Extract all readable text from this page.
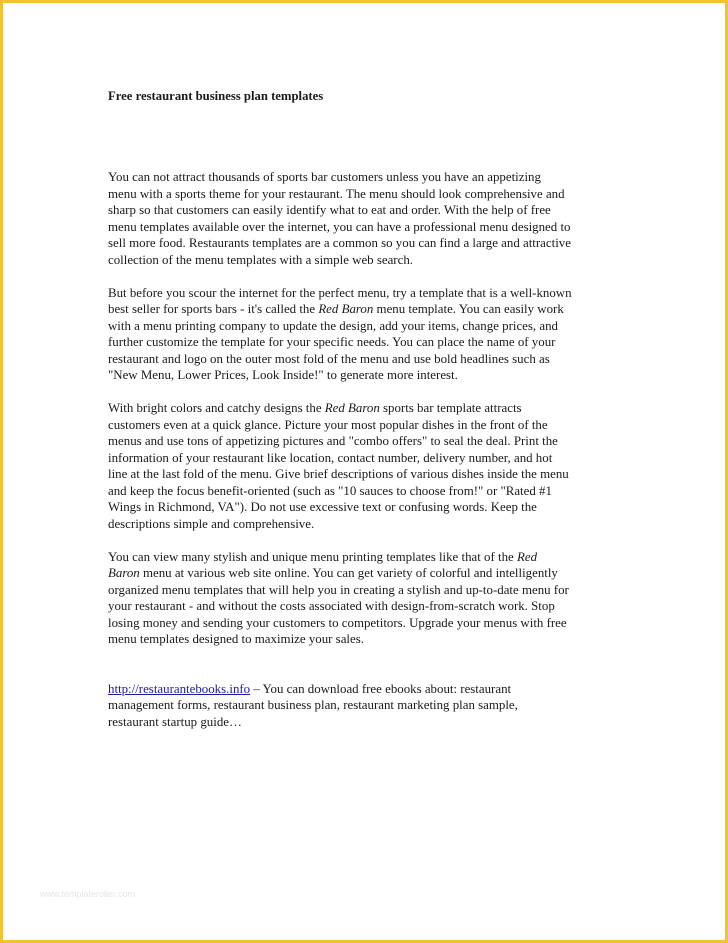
Free restaurant business plan templates
You can not attract thousands of sports bar customers unless you have an appetizing
menu with a sports theme for your restaurant. The menu should look comprehensive and
sharp so that customers can easily identify what to eat and order. With the help of free
menu templates available over the internet, you can have a professional menu designed to
sell more food. Restaurants templates are a common so you can find a large and attractive
collection of the menu templates with a simple web search.
But before you scour the internet for the perfect menu, try a template that is a well-known
best seller for sports bars - it's called the Red Baron menu template. You can easily work
with a menu printing company to update the design, add your items, change prices, and
further customize the template for your specific needs. You can place the name of your
restaurant and logo on the outer most fold of the menu and use bold headlines such as
"New Menu, Lower Prices, Look Inside!" to generate more interest.
With bright colors and catchy designs the Red Baron sports bar template attracts
customers even at a quick glance. Picture your most popular dishes in the front of the
menus and use tons of appetizing pictures and "combo offers" to seal the deal. Print the
information of your restaurant like location, contact number, delivery number, and hot
line at the last fold of the menu. Give brief descriptions of various dishes inside the menu
and keep the focus benefit-oriented (such as "10 sauces to choose from!" or "Rated #1
Wings in Richmond, VA"). Do not use excessive text or confusing words. Keep the
descriptions simple and comprehensive.
You can view many stylish and unique menu printing templates like that of the Red
Baron menu at various web site online. You can get variety of colorful and intelligently
organized menu templates that will help you in creating a stylish and up-to-date menu for
your restaurant - and without the costs associated with design-from-scratch work. Stop
losing money and sending your customers to competitors. Upgrade your menus with free
menu templates designed to maximize your sales.
http://restaurantebooks.info – You can download free ebooks about: restaurant
management forms, restaurant business plan, restaurant marketing plan sample,
restaurant startup guide…
www.templateroller.com
